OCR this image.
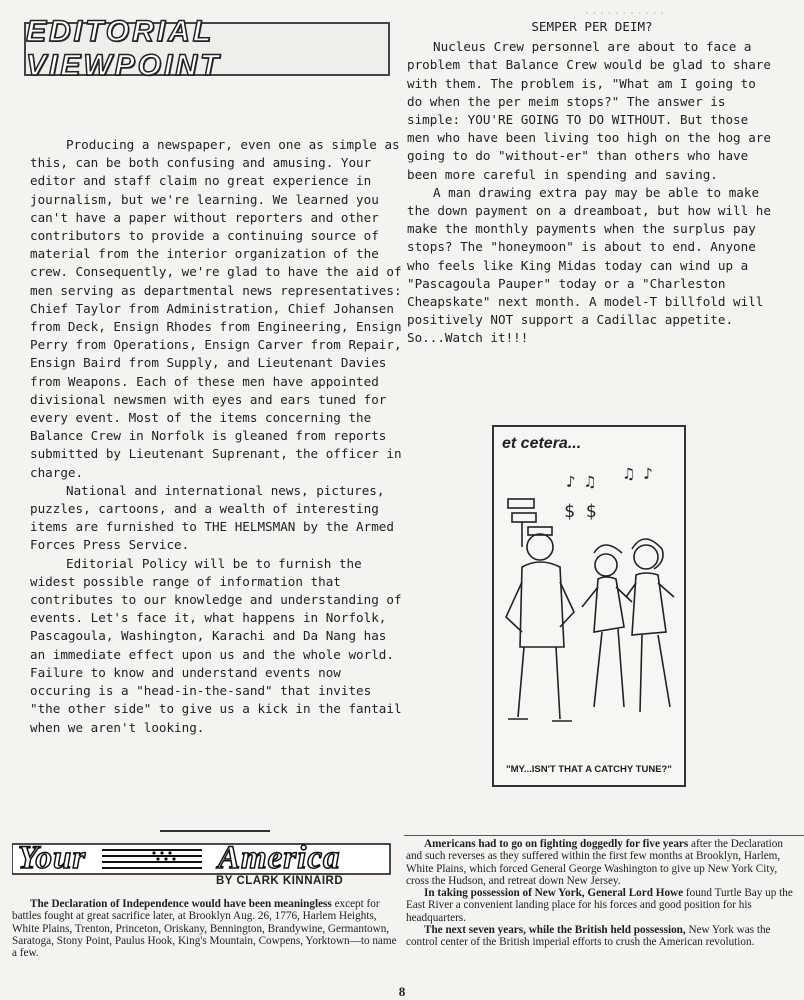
...........
EDITORIAL VIEWPOINT

Producing a newspaper, even one as simple as this, can be both confusing and amusing. Your editor and staff claim no great experience in journalism, but we're learning. We learned you can't have a paper without reporters and other contributors to provide a continuing source of material from the interior organization of the crew. Consequently, we're glad to have the aid of men serving as departmental news representatives: Chief Taylor from Administration, Chief Johansen from Deck, Ensign Rhodes from Engineering, Ensign Perry from Operations, Ensign Carver from Repair, Ensign Baird from Supply, and Lieutenant Davies from Weapons. Each of these men have appointed divisional newsmen with eyes and ears tuned for every event. Most of the items concerning the Balance Crew in Norfolk is gleaned from reports submitted by Lieutenant Suprenant, the officer in charge.

National and international news, pictures, puzzles, cartoons, and a wealth of interesting items are furnished to THE HELMSMAN by the Armed Forces Press Service.

Editorial Policy will be to furnish the widest possible range of information that contributes to our knowledge and understanding of events. Let's face it, what happens in Norfolk, Pascagoula, Washington, Karachi and Da Nang has an immediate effect upon us and the whole world. Failure to know and understand events now occuring is a "head-in-the-sand" that invites "the other side" to give us a kick in the fantail when we aren't looking.

SEMPER PER DEIM?

Nucleus Crew personnel are about to face a problem that Balance Crew would be glad to share with them. The problem is, "What am I going to do when the per meim stops?" The answer is simple: YOU'RE GOING TO DO WITHOUT. But those men who have been living too high on the hog are going to do "without-er" than others who have been more careful in spending and saving.

A man drawing extra pay may be able to make the down payment on a dreamboat, but how will he make the monthly payments when the surplus pay stops? The "honeymoon" is about to end. Anyone who feels like King Midas today can wind up a "Pascagoula Pauper" today or a "Charleston Cheapskate" next month. A model-T billfold will positively NOT support a Cadillac appetite. So...Watch it!!!

et cetera...
♪ ♫ ♫ ♪
$ $
"MY...ISN'T THAT A CATCHY TUNE?"
Your	America
BY CLARK KINNAIRD
The Declaration of Independence would have been meaningless except for battles fought at great sacrifice later, at Brooklyn Aug. 26, 1776, Harlem Heights, White Plains, Trenton, Princeton, Oriskany, Bennington, Brandywine, Germantown, Saratoga, Stony Point, Paulus Hook, King's Mountain, Cowpens, Yorktown—to name a few.

Americans had to go on fighting doggedly for five years after the Declaration and such reverses as they suffered within the first few months at Brooklyn, Harlem, White Plains, which forced General George Washington to give up New York City, cross the Hudson, and retreat down New Jersey.

In taking possession of New York, General Lord Howe found Turtle Bay up the East River a convenient landing place for his forces and good position for his headquarters.

The next seven years, while the British held possession, New York was the control center of the British imperial efforts to crush the American revolution.

8
